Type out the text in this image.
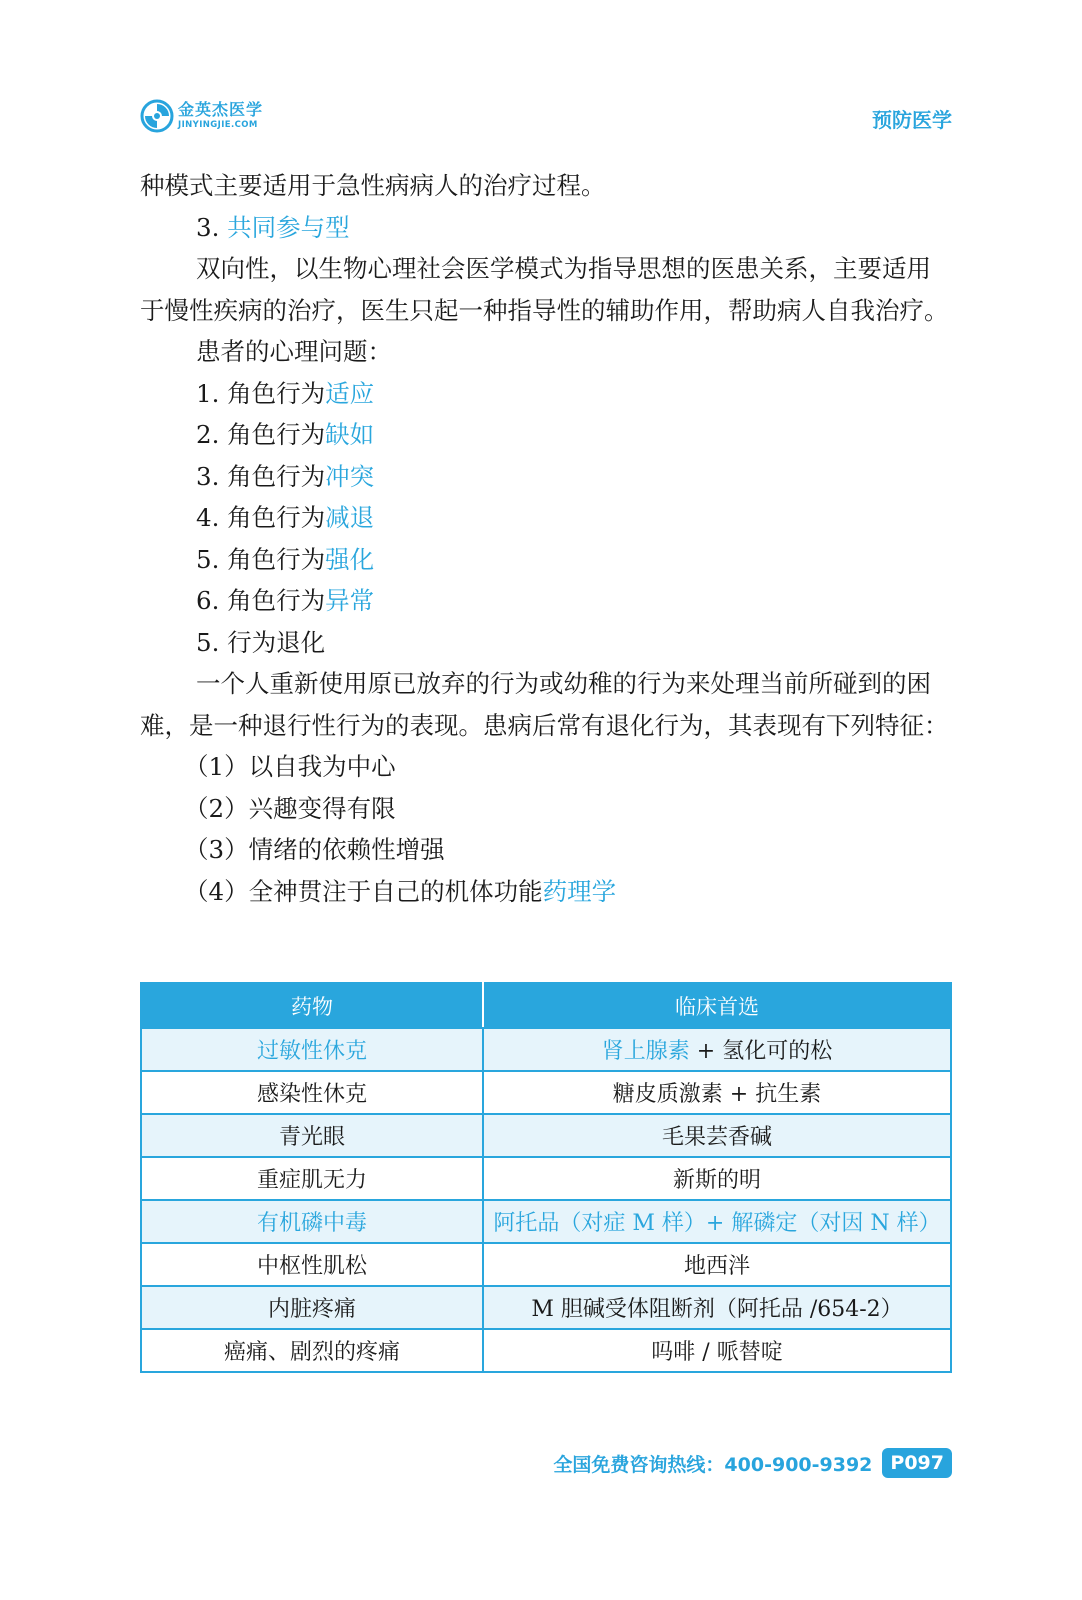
金英杰医学
JINYINGJIE.COM	预防医学

种模式主要适用于急性病病人的治疗过程。

3. 共同参与型

双向性，以生物心理社会医学模式为指导思想的医患关系，主要适用于慢性疾病的治疗，医生只起一种指导性的辅助作用，帮助病人自我治疗。

患者的心理问题：

1. 角色行为适应

2. 角色行为缺如

3. 角色行为冲突

4. 角色行为减退

5. 角色行为强化

6. 角色行为异常

5. 行为退化

一个人重新使用原已放弃的行为或幼稚的行为来处理当前所碰到的困难，是一种退行性行为的表现。患病后常有退化行为，其表现有下列特征：

（1）以自我为中心

（2）兴趣变得有限

（3）情绪的依赖性增强

（4）全神贯注于自己的机体功能药理学

药物	临床首选
过敏性休克	肾上腺素 + 氢化可的松
感染性休克	糖皮质激素 + 抗生素
青光眼	毛果芸香碱
重症肌无力	新斯的明
有机磷中毒	阿托品（对症 M 样）+ 解磷定（对因 N 样）
中枢性肌松	地西泮
内脏疼痛	M 胆碱受体阻断剂（阿托品 /654-2）
癌痛、剧烈的疼痛	吗啡 / 哌替啶
全国免费咨询热线：400-900-9392 P097
